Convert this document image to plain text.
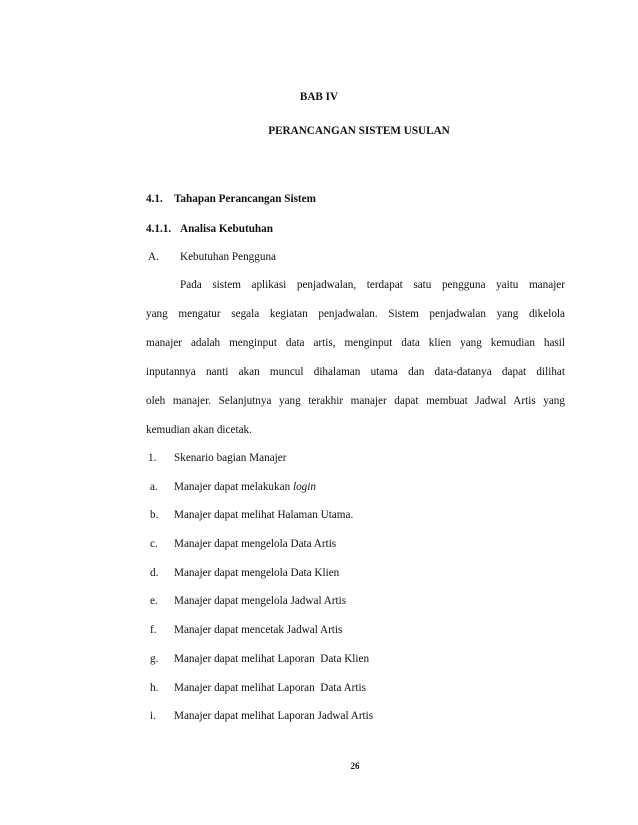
BAB IV
PERANCANGAN SISTEM USULAN
4.1. Tahapan Perancangan Sistem
4.1.1. Analisa Kebutuhan
A. Kebutuhan Pengguna
Pada sistem aplikasi penjadwalan, terdapat satu pengguna yaitu manajer
yang mengatur segala kegiatan penjadwalan. Sistem penjadwalan yang dikelola
manajer adalah menginput data artis, menginput data klien yang kemudian hasil
inputannya nanti akan muncul dihalaman utama dan data-datanya dapat dilihat
oleh manajer. Selanjutnya yang terakhir manajer dapat membuat Jadwal Artis yang
kemudian akan dicetak.
1. Skenario bagian Manajer
a. Manajer dapat melakukan login
b. Manajer dapat melihat Halaman Utama.
c. Manajer dapat mengelola Data Artis
d. Manajer dapat mengelola Data Klien
e. Manajer dapat mengelola Jadwal Artis
f. Manajer dapat mencetak Jadwal Artis
g. Manajer dapat melihat Laporan  Data Klien
h. Manajer dapat melihat Laporan  Data Artis
i. Manajer dapat melihat Laporan Jadwal Artis
26
